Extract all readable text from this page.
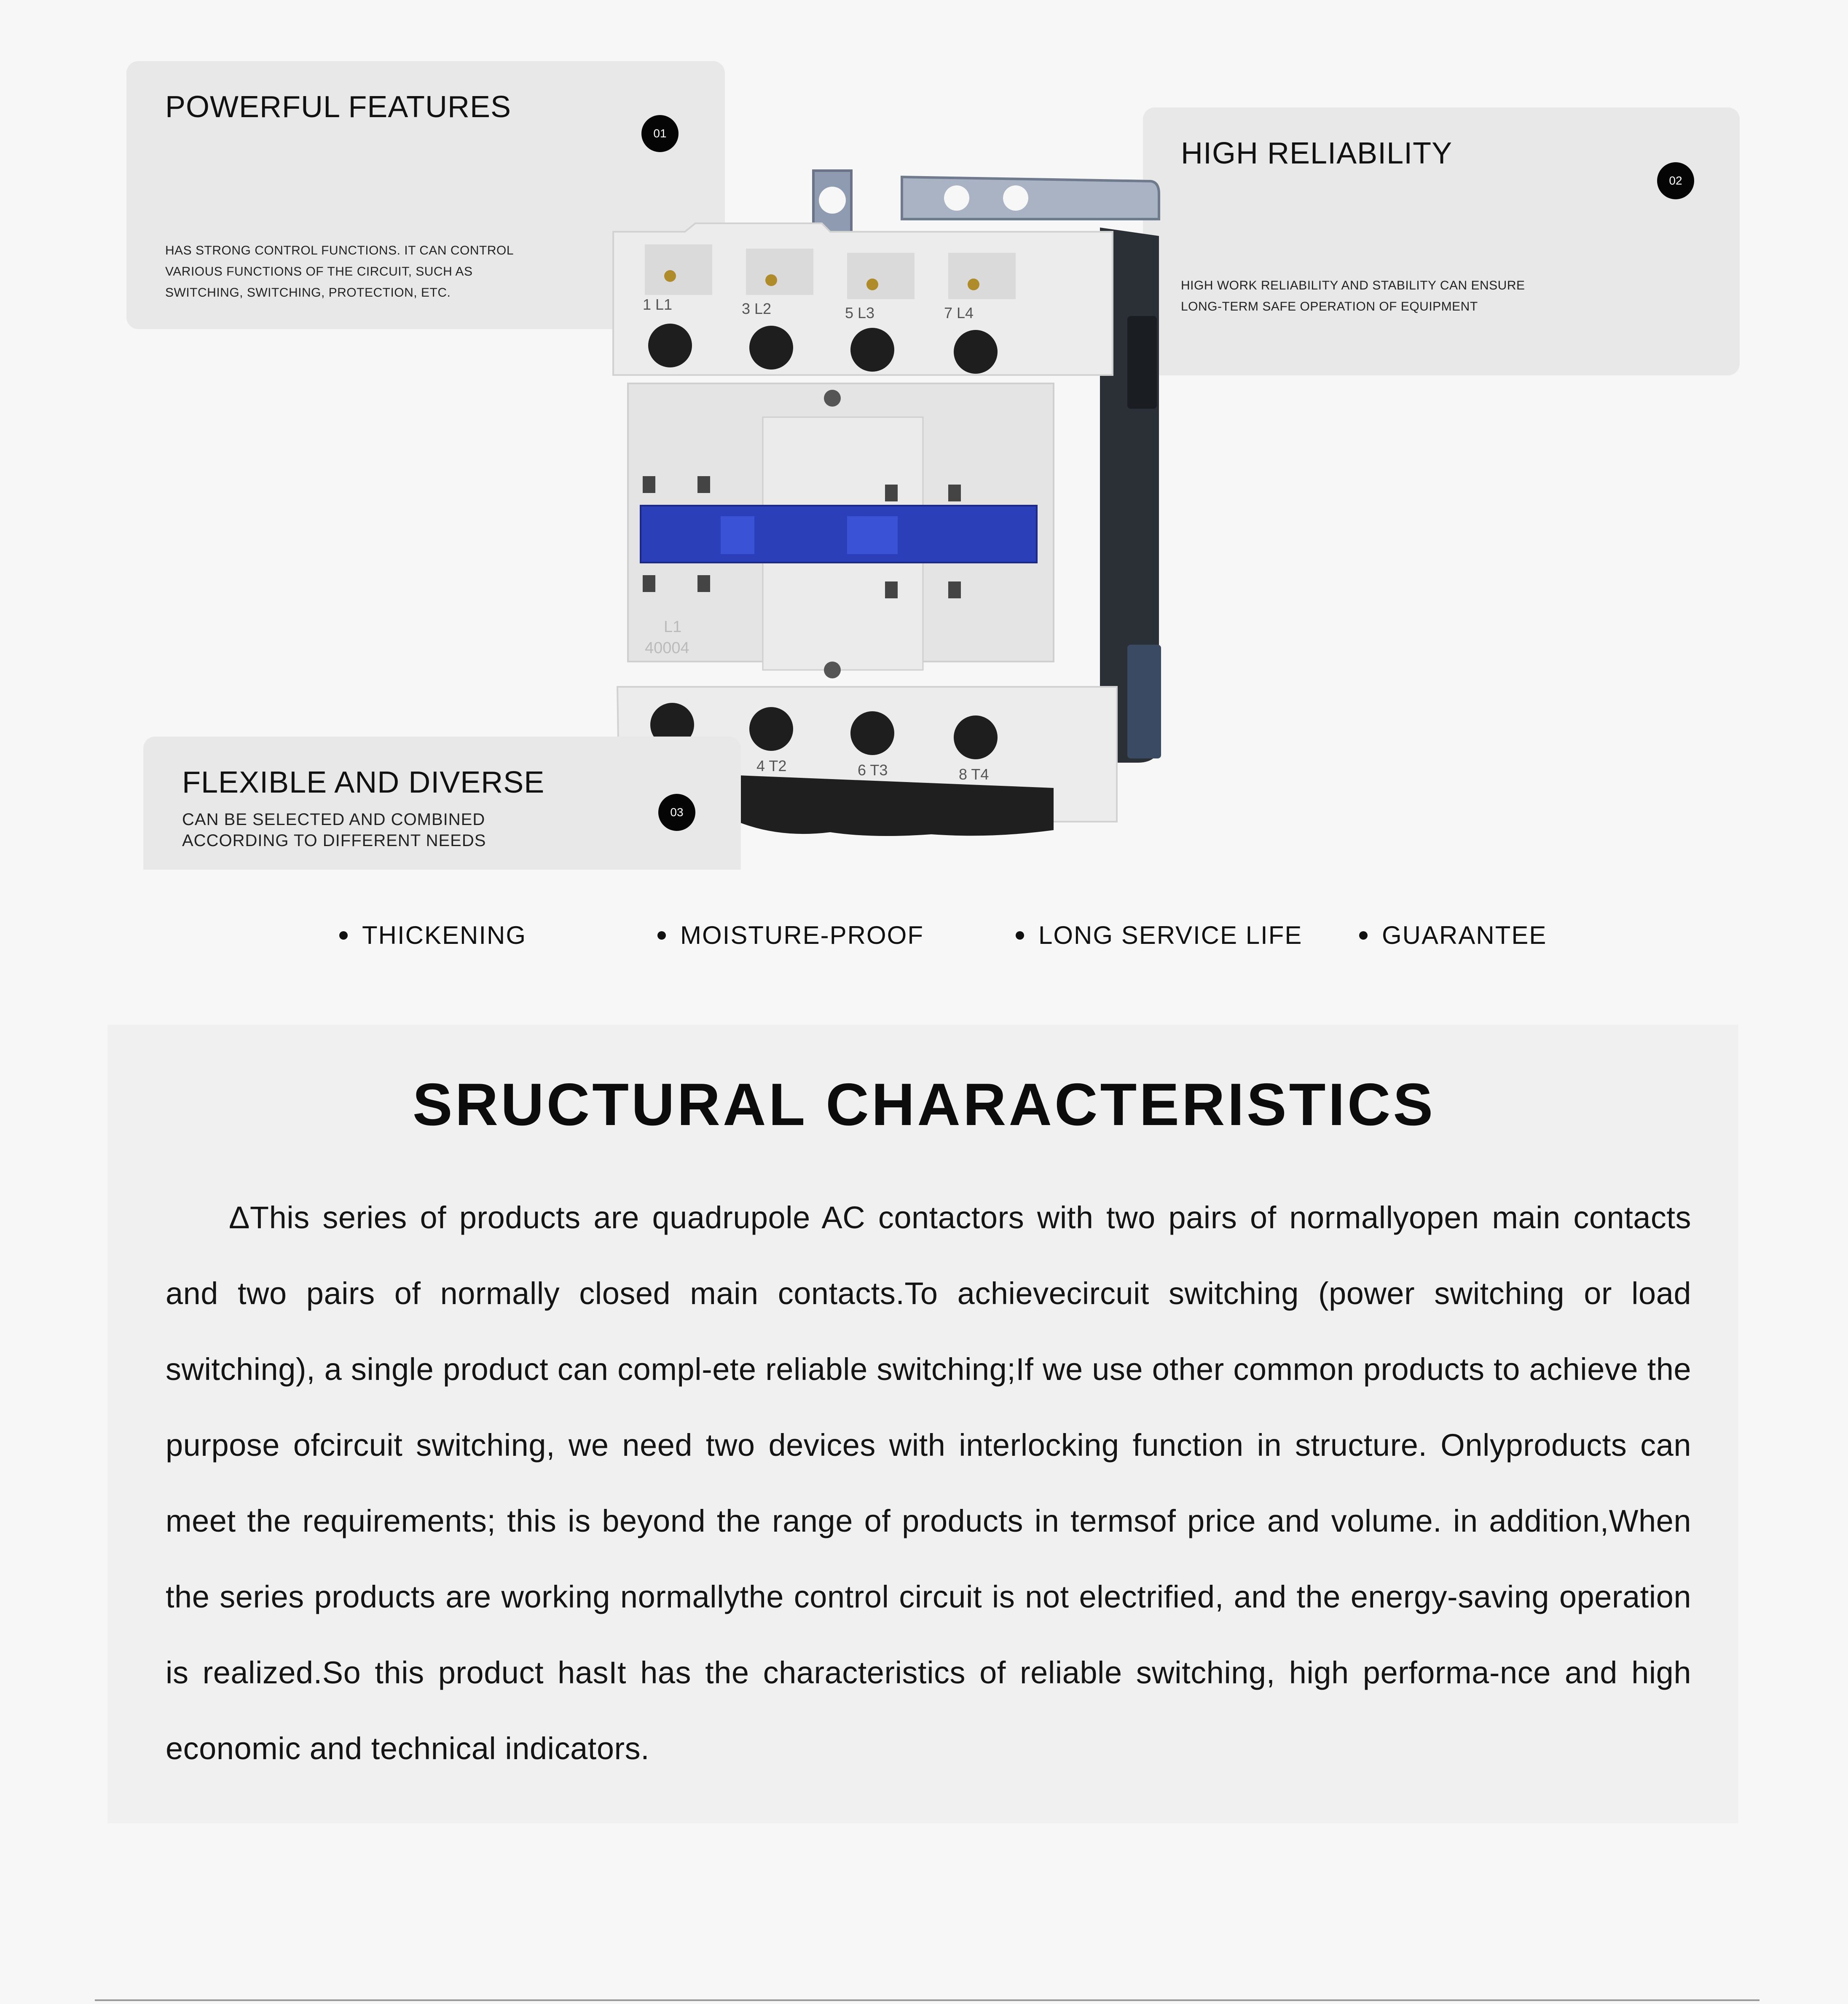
POWERFUL FEATURES
01
HAS STRONG CONTROL FUNCTIONS. IT CAN CONTROL
VARIOUS FUNCTIONS OF THE CIRCUIT, SUCH AS
SWITCHING, SWITCHING, PROTECTION, ETC.
HIGH RELIABILITY
02
HIGH WORK RELIABILITY AND STABILITY CAN ENSURE
LONG-TERM SAFE OPERATION OF EQUIPMENT
1 L1	3 L2	5 L3	7 L4
L1
40004
4 T2	6 T3	8 T4
FLEXIBLE AND DIVERSE
CAN BE SELECTED AND COMBINED
ACCORDING TO DIFFERENT NEEDS
03
THICKENING	MOISTURE-PROOF	LONG SERVICE LIFE	GUARANTEE
SRUCTURAL CHARACTERISTICS
ΔThis series of products are quadrupole AC contactors with two pairs of normallyopen main contacts and two pairs of normally closed main contacts.To achievecircuit switching (power switching or load switching), a single product can compl-ete reliable switching;If we use other common products to achieve the purpose ofcircuit switching, we need two devices with interlocking function in structure. Onlyproducts can meet the requirements; this is beyond the range of products in termsof price and volume. in addition,When the series products are working normallythe control circuit is not electrified, and the energy-saving operation is realized.So this product hasIt has the characteristics of reliable switching, high performa-nce and high economic and technical indicators.
